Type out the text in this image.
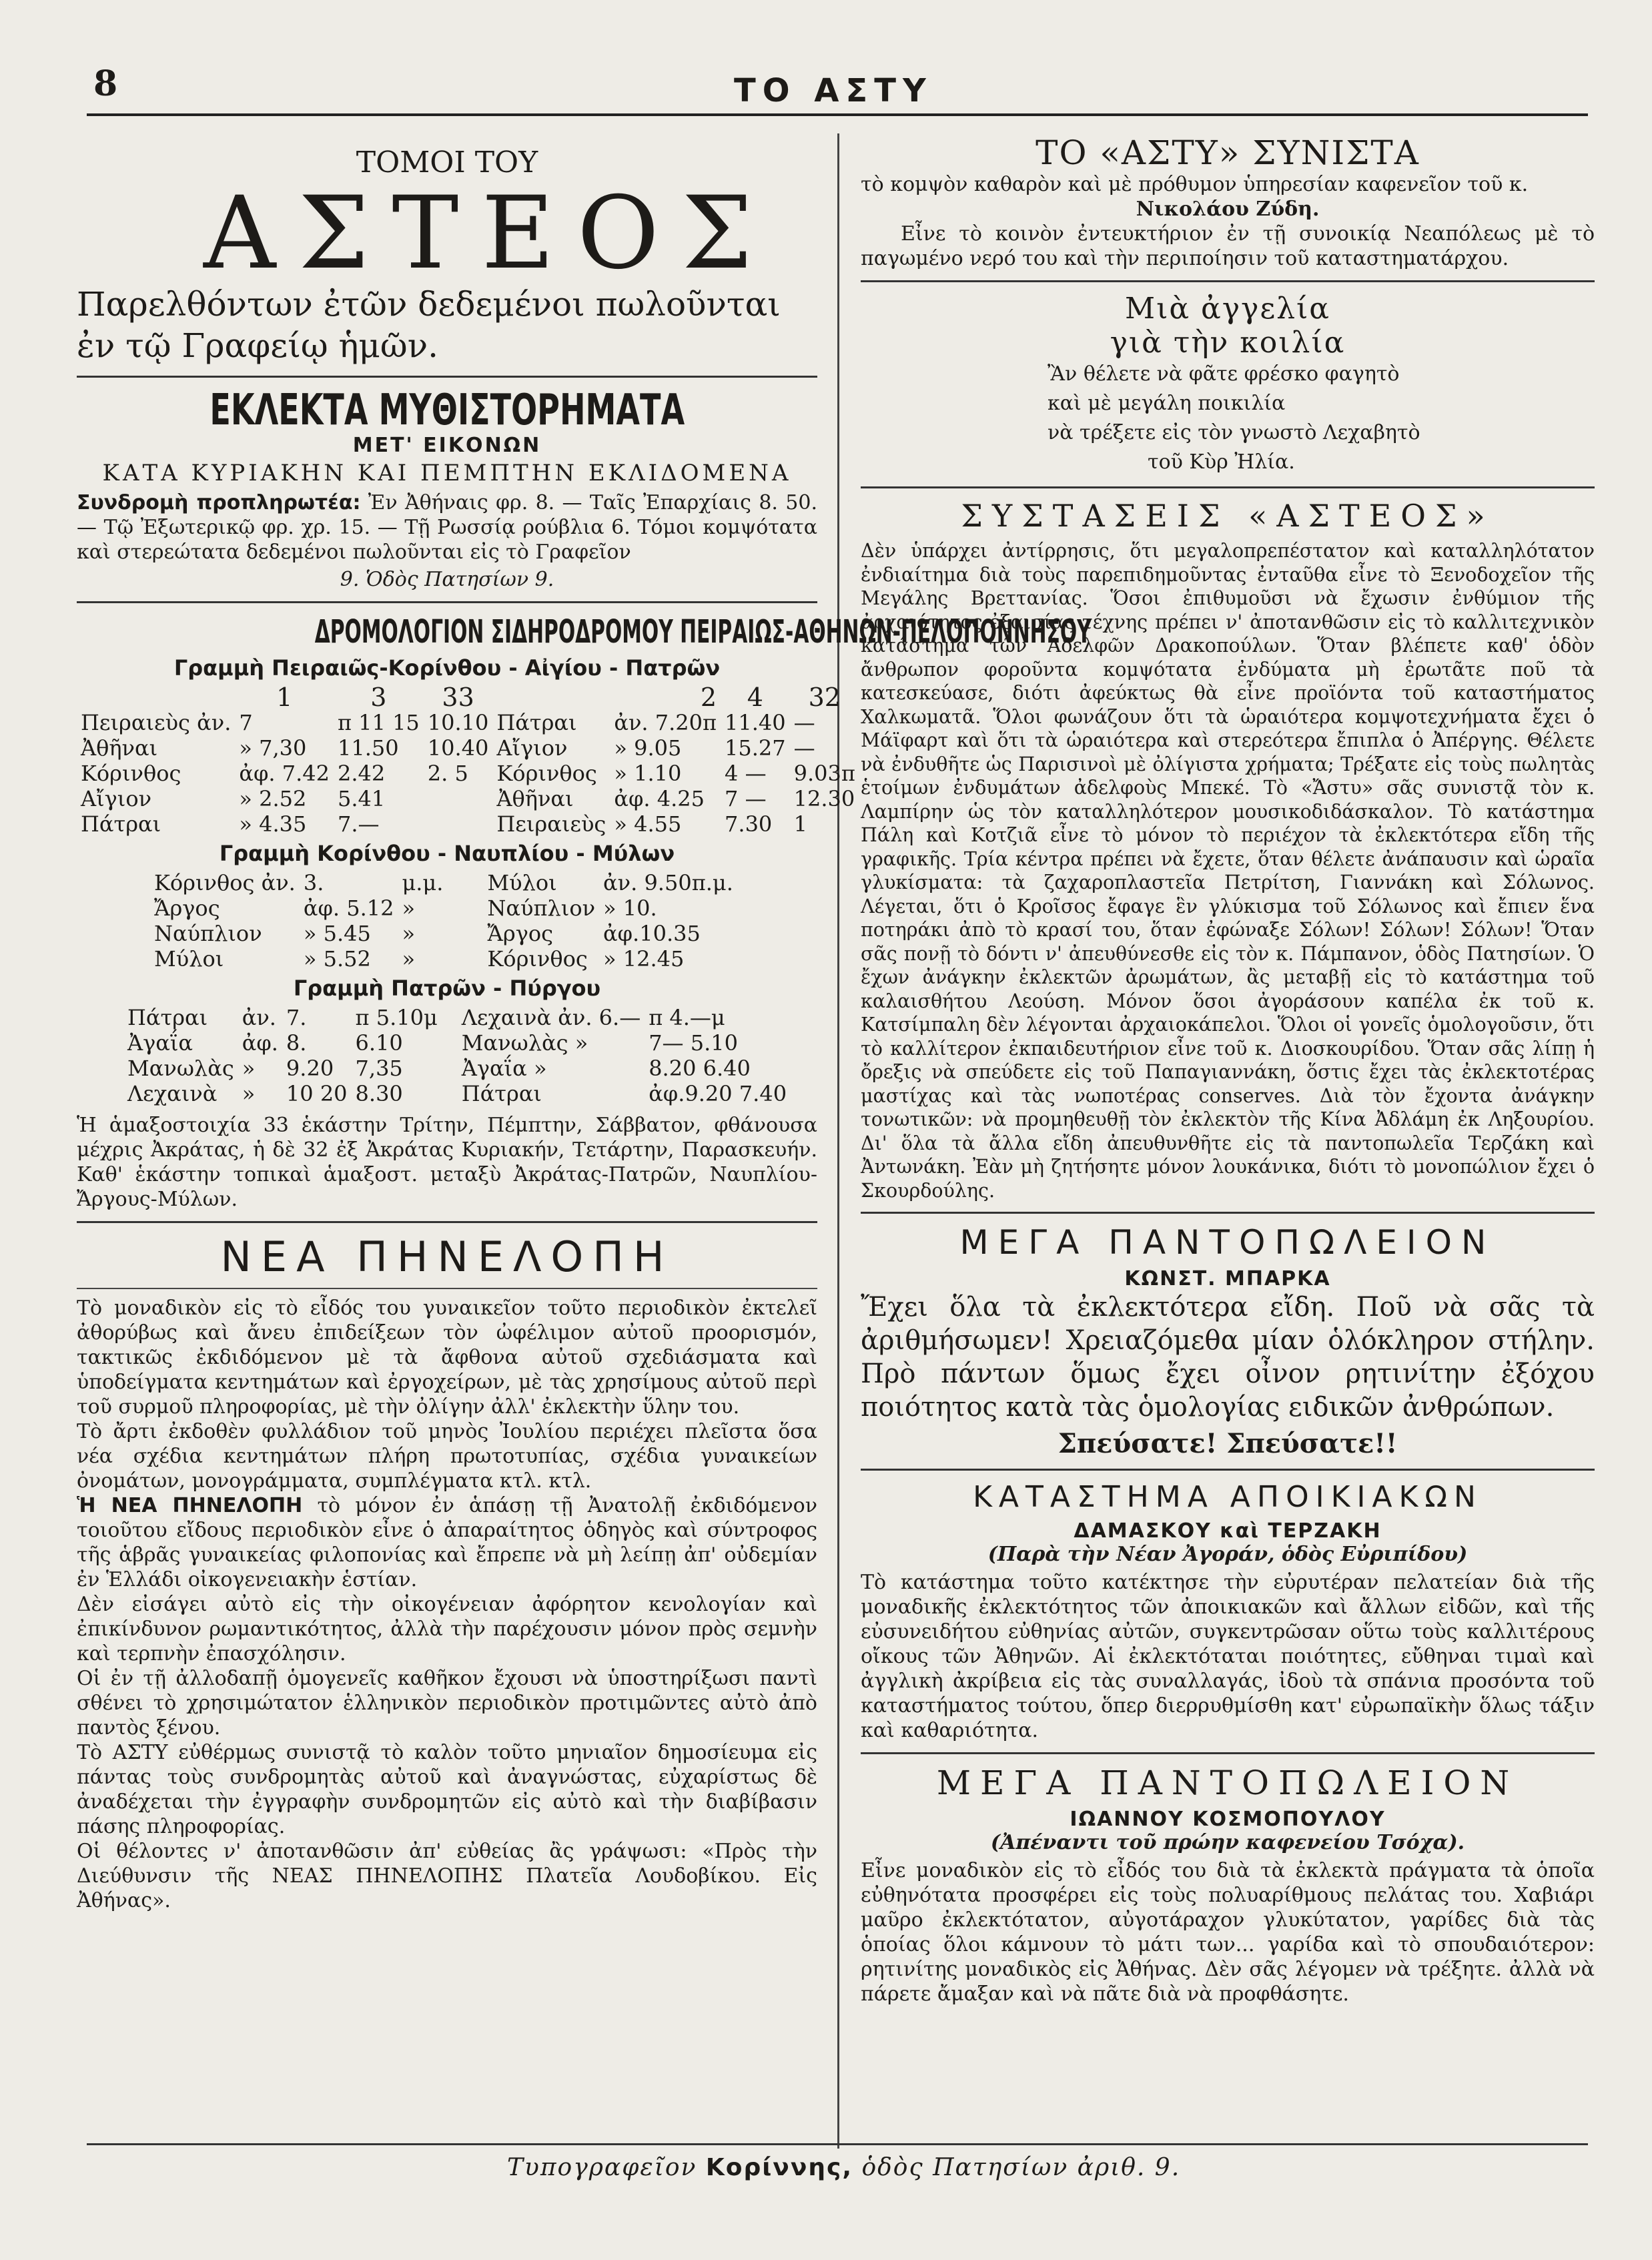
8	ΤΟ ΑΣΤΥ
ΤΟΜΟΙ ΤΟΥ
ΑΣΤΕΟΣ
Παρελθόντων ἐτῶν δεδεμένοι πωλοῦνται
ἐν τῷ Γραφείῳ ἡμῶν.
ΕΚΛΕΚΤΑ ΜΥΘΙΣΤΟΡΗΜΑΤΑ
ΜΕΤ' ΕΙΚΟΝΩΝ
ΚΑΤΑ ΚΥΡΙΑΚΗΝ ΚΑΙ ΠΕΜΠΤΗΝ ΕΚΛΙΔΟΜΕΝΑ
Συνδρομὴ προπληρωτέα: Ἐν Ἀθήναις φρ. 8. — Ταῖς Ἐπαρχίαις 8. 50. — Τῷ Ἐξωτερικῷ φρ. χρ. 15. — Τῇ Ρωσσίᾳ ρούβλια 6. Τόμοι κομψότατα καὶ στερεώτατα δεδεμένοι πωλοῦνται εἰς τὸ Γραφεῖον
9. Ὁδὸς Πατησίων 9.
ΔΡΟΜΟΛΟΓΙΟΝ ΣΙΔΗΡΟΔΡΟΜΟΥ ΠΕΙΡΑΙΩΣ-ΑΘΗΝΩΝ-ΠΕΛΟΠΟΝΝΗΣΟΥ
Γραμμὴ Πειραιῶς-Κορίνθου - Αἰγίου - Πατρῶν
	1	3	33		2	4	32
Πειραιεὺς ἀν.	7	π 11 15	10.10	Πάτραι	ἀν. 7.20π	11.40	—
Ἀθῆναι	» 7,30	11.50	10.40	Αἴγιον	» 9.05	15.27	—
Κόρινθος	ἀφ. 7.42	2.42	2. 5	Κόρινθος	» 1.10	4 —	9.03π
Αἴγιον	» 2.52	5.41		Ἀθῆναι	ἀφ. 4.25	7 —	12.30
Πάτραι	» 4.35	7.—		Πειραιεὺς	» 4.55	7.30	1
Γραμμὴ Κορίνθου - Ναυπλίου - Μύλων
Κόρινθος ἀν.	3.	μ.μ.	Μύλοι	ἀν. 9.50π.μ.
Ἄργος	ἀφ. 5.12	»	Ναύπλιον	» 10.
Ναύπλιον	» 5.45	»	Ἄργος	ἀφ.10.35
Μύλοι	» 5.52	»	Κόρινθος	» 12.45
Γραμμὴ Πατρῶν - Πύργου
Πάτραι	ἀν.	7.	π 5.10μ	Λεχαινὰ ἀν. 6.—	π 4.—μ
Ἀγαΐα	ἀφ.	8.	6.10	Μανωλὰς »	7— 5.10
Μανωλὰς	»	9.20	7,35	Ἀγαΐα »	8.20 6.40
Λεχαινὰ	»	10 20	8.30	Πάτραι	ἀφ.9.20 7.40
Ἡ ἁμαξοστοιχία 33 ἑκάστην Τρίτην, Πέμπτην, Σάββατον, φθάνουσα μέχρις Ἀκράτας, ἡ δὲ 32 ἐξ Ἀκράτας Κυριακήν, Τετάρτην, Παρασκευήν. Καθ' ἑκάστην τοπικαὶ ἁμαξοστ. μεταξὺ Ἀκράτας-Πατρῶν, Ναυπλίου-Ἄργους-Μύλων.
ΝΕΑ ΠΗΝΕΛΟΠΗ
Τὸ μοναδικὸν εἰς τὸ εἶδός του γυναικεῖον τοῦτο περιοδικὸν ἐκτελεῖ ἀθορύβως καὶ ἄνευ ἐπιδείξεων τὸν ὠφέλιμον αὐτοῦ προορισμόν, τακτικῶς ἐκδιδόμενον μὲ τὰ ἄφθονα αὐτοῦ σχεδιάσματα καὶ ὑποδείγματα κεντημάτων καὶ ἐργοχείρων, μὲ τὰς χρησίμους αὐτοῦ περὶ τοῦ συρμοῦ πληροφορίας, μὲ τὴν ὀλίγην ἀλλ' ἐκλεκτὴν ὕλην του.
Τὸ ἄρτι ἐκδοθὲν φυλλάδιον τοῦ μηνὸς Ἰουλίου περιέχει πλεῖστα ὅσα νέα σχέδια κεντημάτων πλήρη πρωτοτυπίας, σχέδια γυναικείων ὀνομάτων, μονογράμματα, συμπλέγματα κτλ. κτλ.
Ἡ ΝΕΑ ΠΗΝΕΛΟΠΗ τὸ μόνον ἐν ἁπάσῃ τῇ Ἀνατολῇ ἐκδιδόμενον τοιοῦτου εἴδους περιοδικὸν εἶνε ὁ ἀπαραίτητος ὁδηγὸς καὶ σύντροφος τῆς ἁβρᾶς γυναικείας φιλοπονίας καὶ ἔπρεπε νὰ μὴ λείπῃ ἀπ' οὐδεμίαν ἐν Ἑλλάδι οἰκογενειακὴν ἑστίαν.
Δὲν εἰσάγει αὐτὸ εἰς τὴν οἰκογένειαν ἀφόρητον κενολογίαν καὶ ἐπικίνδυνον ρωμαντικότητος, ἀλλὰ τὴν παρέχουσιν μόνον πρὸς σεμνὴν καὶ τερπνὴν ἐπασχόλησιν.
Οἱ ἐν τῇ ἀλλοδαπῇ ὁμογενεῖς καθῆκον ἔχουσι νὰ ὑποστηρίξωσι παντὶ σθένει τὸ χρησιμώτατον ἑλληνικὸν περιοδικὸν προτιμῶντες αὐτὸ ἀπὸ παντὸς ξένου.
Τὸ ΑΣΤΥ εὐθέρμως συνιστᾷ τὸ καλὸν τοῦτο μηνιαῖον δημοσίευμα εἰς πάντας τοὺς συνδρομητὰς αὐτοῦ καὶ ἀναγνώστας, εὐχαρίστως δὲ ἀναδέχεται τὴν ἐγγραφὴν συνδρομητῶν εἰς αὐτὸ καὶ τὴν διαβίβασιν πάσης πληροφορίας.
Οἱ θέλοντες ν' ἀποτανθῶσιν ἀπ' εὐθείας ἂς γράψωσι: «Πρὸς τὴν Διεύθυνσιν τῆς ΝΕΑΣ ΠΗΝΕΛΟΠΗΣ Πλατεῖα Λουδοβίκου. Εἰς Ἀθήνας».
ΤΟ «ΑΣΤΥ» ΣΥΝΙΣΤΑ
τὸ κομψὸν καθαρὸν καὶ μὲ πρόθυμον ὑπηρεσίαν καφενεῖον τοῦ κ.
Νικολάου Ζύδη.
Εἶνε τὸ κοινὸν ἐντευκτήριον ἐν τῇ συνοικίᾳ Νεαπόλεως μὲ τὸ παγωμένο νερό του καὶ τὴν περιποίησιν τοῦ καταστηματάρχου.
Μιὰ ἀγγελία
γιὰ τὴν κοιλία
Ἂν θέλετε νὰ φᾶτε φρέσκο φαγητὸ
καὶ μὲ μεγάλη ποικιλία
νὰ τρέξετε εἰς τὸν γνωστὸ Λεχαβητὸ
τοῦ Κὺρ Ἠλία.
ΣΥΣΤΑΣΕΙΣ «ΑΣΤΕΟΣ»
Δὲν ὑπάρχει ἀντίρρησις, ὅτι μεγαλοπρεπέστατον καὶ καταλληλότατον ἐνδιαίτημα διὰ τοὺς παρεπιδημοῦντας ἐνταῦθα εἶνε τὸ Ξενοδοχεῖον τῆς Μεγάλης Βρεττανίας. Ὅσοι ἐπιθυμοῦσι νὰ ἔχωσιν ἐνθύμιον τῆς ἀρχαιότητος ἐξαισίας τέχνης πρέπει ν' ἀποτανθῶσιν εἰς τὸ καλλιτεχνικὸν κατάστημα τῶν Ἀδελφῶν Δρακοπούλων. Ὅταν βλέπετε καθ' ὁδὸν ἄνθρωπον φοροῦντα κομψότατα ἐνδύματα μὴ ἐρωτᾶτε ποῦ τὰ κατεσκεύασε, διότι ἀφεύκτως θὰ εἶνε προϊόντα τοῦ καταστήματος Χαλκωματᾶ. Ὅλοι φωνάζουν ὅτι τὰ ὡραιότερα κομψοτεχνήματα ἔχει ὁ Μάϊφαρτ καὶ ὅτι τὰ ὡραιότερα καὶ στερεότερα ἔπιπλα ὁ Ἀπέργης. Θέλετε νὰ ἐνδυθῆτε ὡς Παρισινοὶ μὲ ὀλίγιστα χρήματα; Τρέξατε εἰς τοὺς πωλητὰς ἑτοίμων ἐνδυμάτων ἀδελφοὺς Μπεκέ. Τὸ «Ἄστυ» σᾶς συνιστᾷ τὸν κ. Λαμπίρην ὡς τὸν καταλληλότερον μουσικοδιδάσκαλον. Τὸ κατάστημα Πάλη καὶ Κοτζιᾶ εἶνε τὸ μόνον τὸ περιέχον τὰ ἐκλεκτότερα εἴδη τῆς γραφικῆς. Τρία κέντρα πρέπει νὰ ἔχετε, ὅταν θέλετε ἀνάπαυσιν καὶ ὡραῖα γλυκίσματα: τὰ ζαχαροπλαστεῖα Πετρίτση, Γιαννάκη καὶ Σόλωνος. Λέγεται, ὅτι ὁ Κροῖσος ἔφαγε ἓν γλύκισμα τοῦ Σόλωνος καὶ ἔπιεν ἕνα ποτηράκι ἀπὸ τὸ κρασί του, ὅταν ἐφώναξε Σόλων! Σόλων! Σόλων! Ὅταν σᾶς πονῇ τὸ δόντι ν' ἀπευθύνεσθε εἰς τὸν κ. Πάμπανον, ὁδὸς Πατησίων. Ὁ ἔχων ἀνάγκην ἐκλεκτῶν ἀρωμάτων, ἂς μεταβῇ εἰς τὸ κατάστημα τοῦ καλαισθήτου Λεούση. Μόνον ὅσοι ἀγοράσουν καπέλα ἐκ τοῦ κ. Κατσίμπαλη δὲν λέγονται ἀρχαιοκάπελοι. Ὅλοι οἱ γονεῖς ὁμολογοῦσιν, ὅτι τὸ καλλίτερον ἐκπαιδευτήριον εἶνε τοῦ κ. Διοσκουρίδου. Ὅταν σᾶς λίπῃ ἡ ὄρεξις νὰ σπεύδετε εἰς τοῦ Παπαγιαννάκη, ὅστις ἔχει τὰς ἐκλεκτοτέρας μαστίχας καὶ τὰς νωποτέρας conserves. Διὰ τὸν ἔχοντα ἀνάγκην τονωτικῶν: νὰ προμηθευθῇ τὸν ἐκλεκτὸν τῆς Κίνα Ἀδλάμη ἐκ Ληξουρίου. Δι' ὅλα τὰ ἄλλα εἴδη ἀπευθυνθῆτε εἰς τὰ παντοπωλεῖα Τερζάκη καὶ Ἀντωνάκη. Ἐὰν μὴ ζητήσητε μόνον λουκάνικα, διότι τὸ μονοπώλιον ἔχει ὁ Σκουρδούλης.
ΜΕΓΑ ΠΑΝΤΟΠΩΛΕΙΟΝ
ΚΩΝΣΤ. ΜΠΑΡΚΑ
Ἔχει ὅλα τὰ ἐκλεκτότερα εἴδη. Ποῦ νὰ σᾶς τὰ ἀριθμήσωμεν! Χρειαζόμεθα μίαν ὁλόκληρον στήλην. Πρὸ πάντων ὅμως ἔχει οἶνον ρητινίτην ἐξόχου ποιότητος κατὰ τὰς ὁμολογίας ειδικῶν ἀνθρώπων.
Σπεύσατε! Σπεύσατε!!
ΚΑΤΑΣΤΗΜΑ ΑΠΟΙΚΙΑΚΩΝ
ΔΑΜΑΣΚΟΥ καὶ ΤΕΡΖΑΚΗ
(Παρὰ τὴν Νέαν Ἀγοράν, ὁδὸς Εὐριπίδου)
Τὸ κατάστημα τοῦτο κατέκτησε τὴν εὐρυτέραν πελατείαν διὰ τῆς μοναδικῆς ἐκλεκτότητος τῶν ἀποικιακῶν καὶ ἄλλων εἰδῶν, καὶ τῆς εὐσυνειδήτου εὐθηνίας αὐτῶν, συγκεντρῶσαν οὕτω τοὺς καλλιτέρους οἴκους τῶν Ἀθηνῶν. Αἱ ἐκλεκτόταται ποιότητες, εὔθηναι τιμαὶ καὶ ἀγγλικὴ ἀκρίβεια εἰς τὰς συναλλαγάς, ἰδοὺ τὰ σπάνια προσόντα τοῦ καταστήματος τούτου, ὅπερ διερρυθμίσθη κατ' εὐρωπαϊκὴν ὅλως τάξιν καὶ καθαριότητα.
ΜΕΓΑ ΠΑΝΤΟΠΩΛΕΙΟΝ
ΙΩΑΝΝΟΥ ΚΟΣΜΟΠΟΥΛΟΥ
(Ἀπέναντι τοῦ πρώην καφενείου Τσόχα).
Εἶνε μοναδικὸν εἰς τὸ εἶδός του διὰ τὰ ἐκλεκτὰ πράγματα τὰ ὁποῖα εὐθηνότατα προσφέρει εἰς τοὺς πολυαρίθμους πελάτας του. Χαβιάρι μαῦρο ἐκλεκτότατον, αὐγοτάραχον γλυκύτατον, γαρίδες διὰ τὰς ὁποίας ὅλοι κάμνουν τὸ μάτι των... γαρίδα καὶ τὸ σπουδαιότερον: ρητινίτης μοναδικὸς εἰς Ἀθήνας. Δὲν σᾶς λέγομεν νὰ τρέξητε. ἀλλὰ νὰ πάρετε ἄμαξαν καὶ νὰ πᾶτε διὰ νὰ προφθάσητε.
Τυπογραφεῖον Κορίννης, ὁδὸς Πατησίων ἀριθ. 9.
